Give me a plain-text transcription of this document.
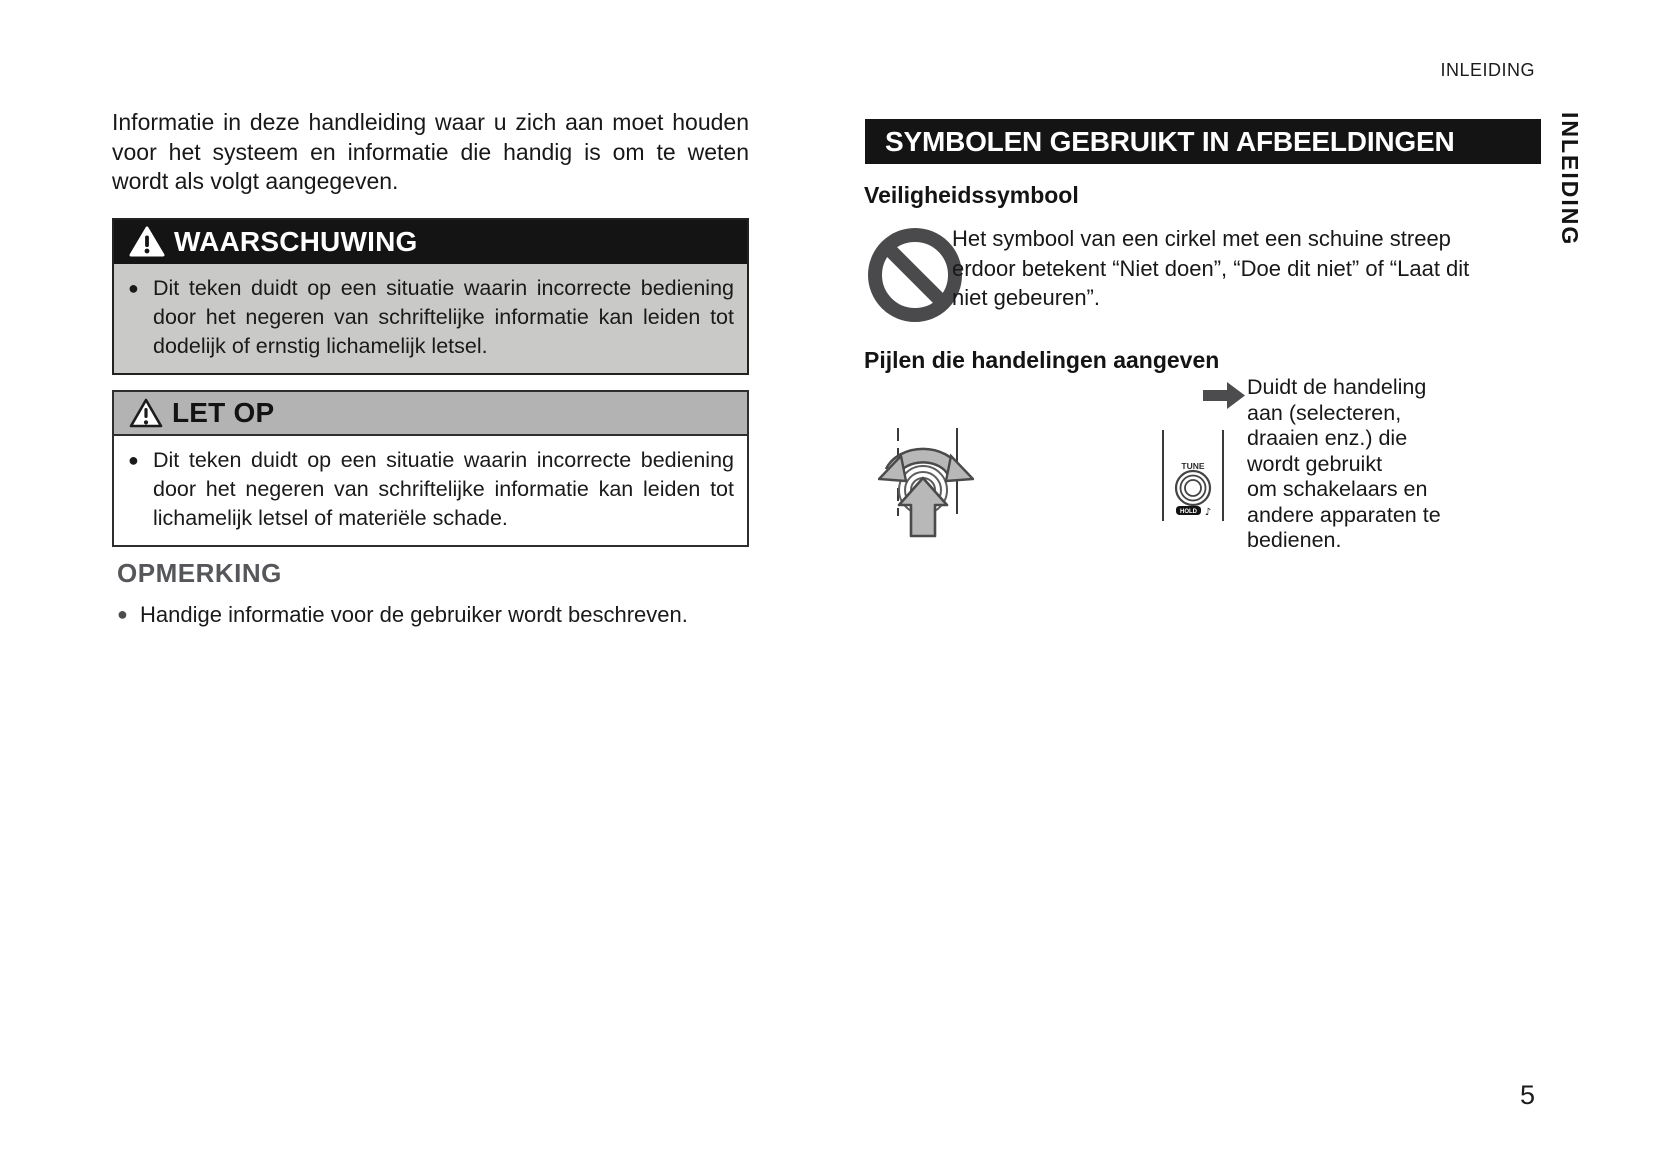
INLEIDING
INLEIDING
5
Informatie in deze handleiding waar u zich aan moet houden voor het systeem en informatie die handig is om te weten wordt als volgt aangegeven.
WAARSCHUWING
● Dit teken duidt op een situatie waarin incorrecte bediening door het negeren van schriftelijke informatie kan leiden tot dodelijk of ernstig lichamelijk letsel.
LET OP
● Dit teken duidt op een situatie waarin incorrecte bediening door het negeren van schriftelijke informatie kan leiden tot lichamelijk letsel of materiële schade.
OPMERKING
● Handige informatie voor de gebruiker wordt beschreven.
SYMBOLEN GEBRUIKT IN AFBEELDINGEN
Veiligheidssymbool
Het symbool van een cirkel met een schuine streep erdoor betekent “Niet doen”, “Doe dit niet” of “Laat dit niet gebeuren”.
Pijlen die handelingen aangeven
TUNE
HOLD ♪
Duidt de handeling
aan (selecteren,
draaien enz.) die
wordt gebruikt
om schakelaars en
andere apparaten te
bedienen.
